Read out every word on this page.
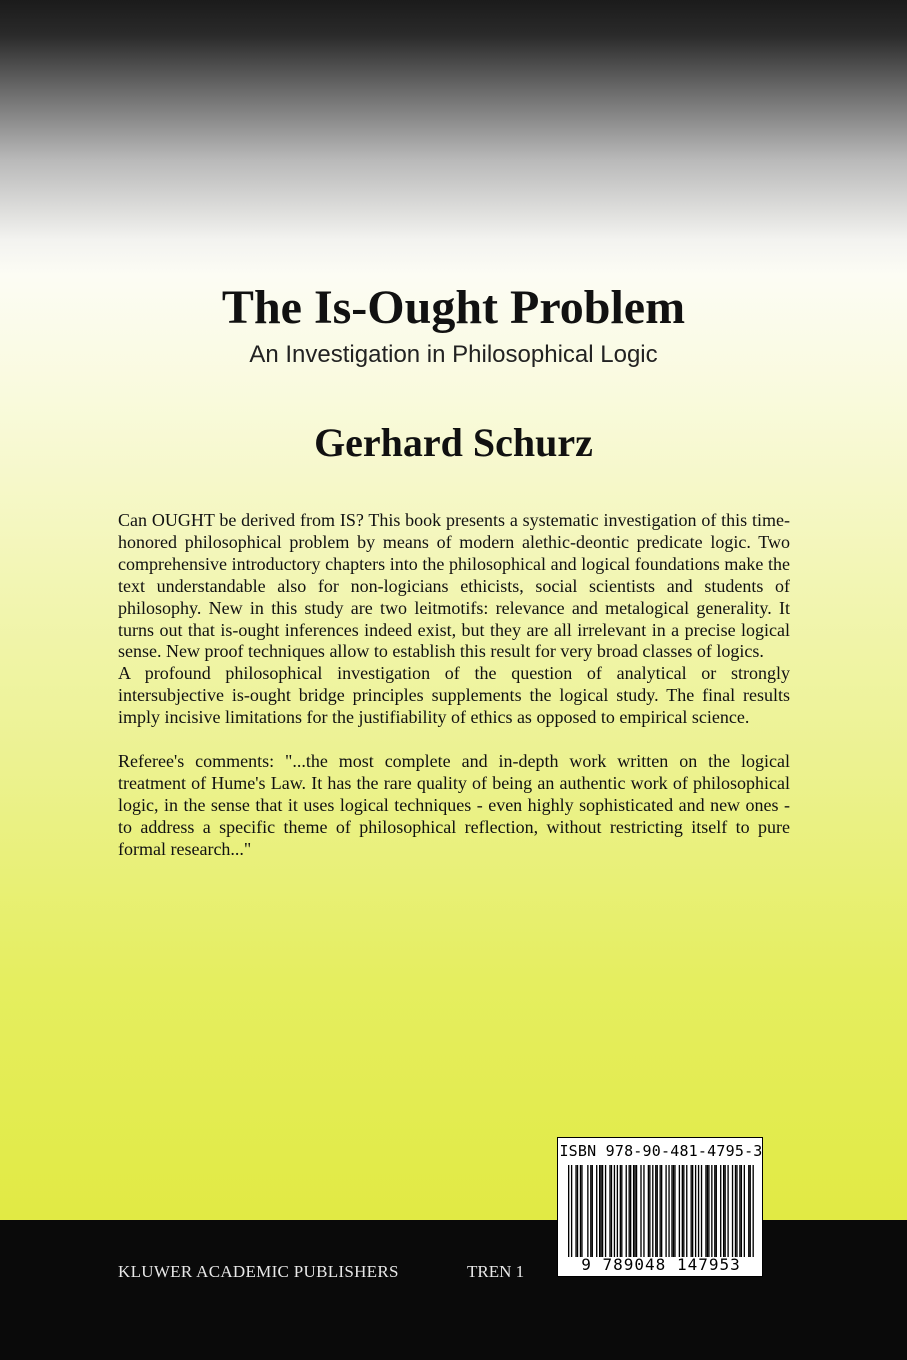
The Is-Ought Problem
An Investigation in Philosophical Logic
Gerhard Schurz

Can OUGHT be derived from IS? This book presents a systematic investigation of this time-honored philosophical problem by means of modern alethic-deontic predicate logic. Two comprehensive introductory chapters into the philosophical and logical foundations make the text understandable also for non-logicians ethicists, social scientists and students of philosophy. New in this study are two leitmotifs: relevance and metalogical generality. It turns out that is-ought inferences indeed exist, but they are all irrelevant in a precise logical sense. New proof techniques allow to establish this result for very broad classes of logics.

A profound philosophical investigation of the question of analytical or strongly intersubjective is-ought bridge principles supplements the logical study. The final results imply incisive limitations for the justifiability of ethics as opposed to empirical science.

Referee's comments: "...the most complete and in-depth work written on the logical treatment of Hume's Law. It has the rare quality of being an authentic work of philosophical logic, in the sense that it uses logical techniques - even highly sophisticated and new ones - to address a specific theme of philosophical reflection, without restricting itself to pure formal research..."

KLUWER ACADEMIC PUBLISHERS	TREN 1
ISBN 978-90-481-4795-3
9 789048 147953
